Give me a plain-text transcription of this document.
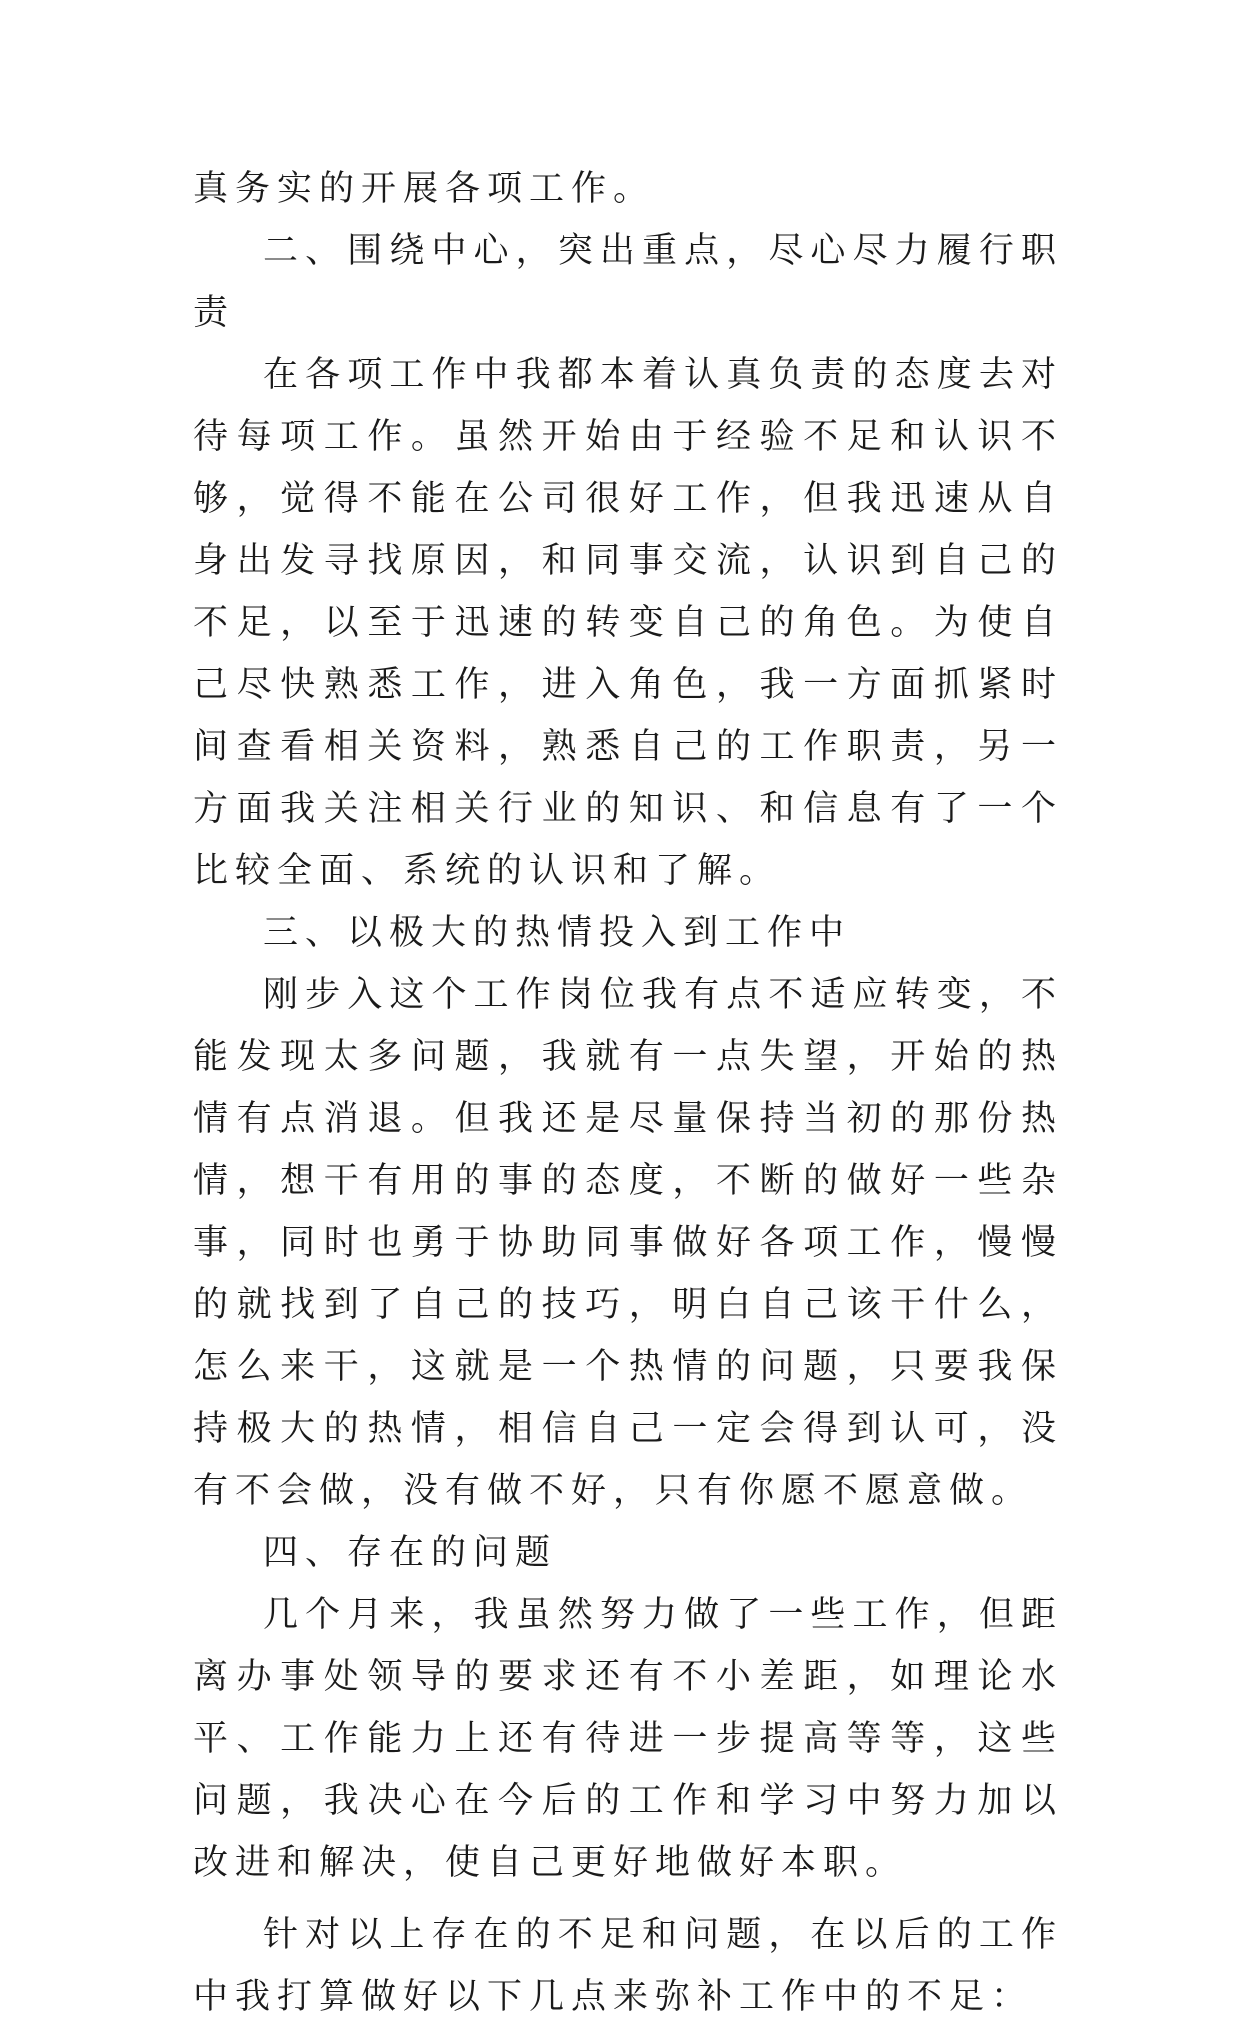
真务实的开展各项工作。

二、围绕中心，突出重点，尽心尽力履行职责

在各项工作中我都本着认真负责的态度去对待每项工作。虽然开始由于经验不足和认识不够，觉得不能在公司很好工作，但我迅速从自身出发寻找原因，和同事交流，认识到自己的不足，以至于迅速的转变自己的角色。为使自己尽快熟悉工作，进入角色，我一方面抓紧时间查看相关资料，熟悉自己的工作职责，另一方面我关注相关行业的知识、和信息有了一个比较全面、系统的认识和了解。

三、以极大的热情投入到工作中

刚步入这个工作岗位我有点不适应转变，不能发现太多问题，我就有一点失望，开始的热情有点消退。但我还是尽量保持当初的那份热情，想干有用的事的态度，不断的做好一些杂事，同时也勇于协助同事做好各项工作，慢慢的就找到了自己的技巧，明白自己该干什么，怎么来干，这就是一个热情的问题，只要我保持极大的热情，相信自己一定会得到认可，没有不会做，没有做不好，只有你愿不愿意做。

四、存在的问题

几个月来，我虽然努力做了一些工作，但距离办事处领导的要求还有不小差距，如理论水平、工作能力上还有待进一步提高等等，这些问题，我决心在今后的工作和学习中努力加以改进和解决，使自己更好地做好本职。

针对以上存在的不足和问题，在以后的工作中我打算做好以下几点来弥补工作中的不足：
